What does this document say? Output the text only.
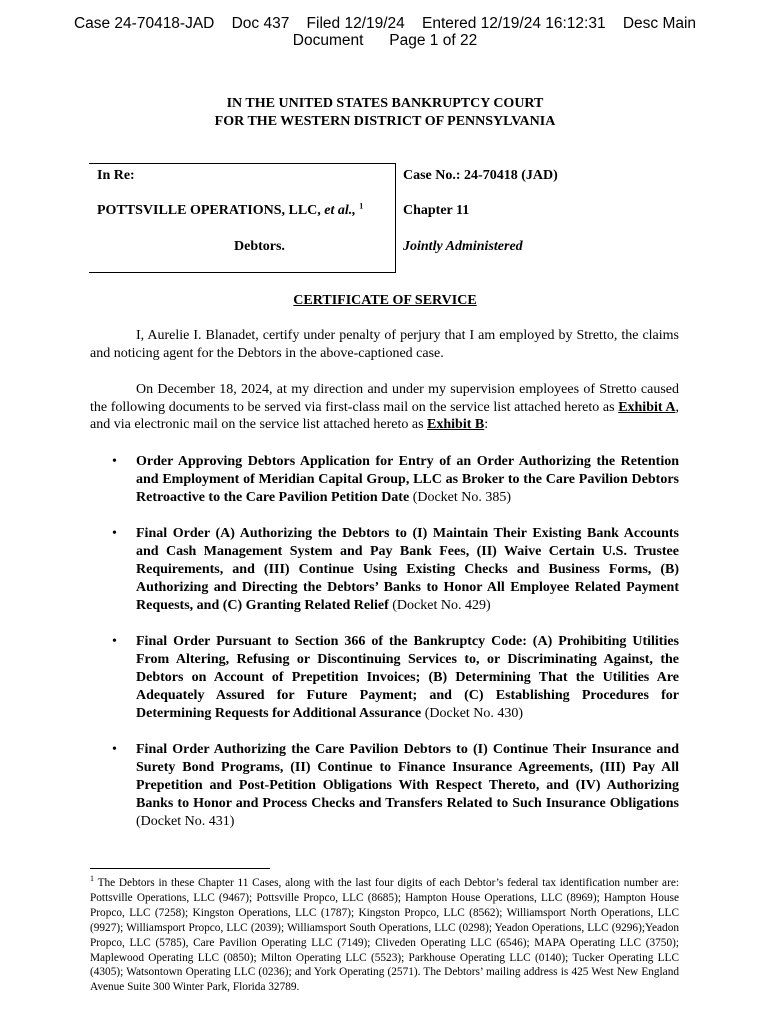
Case 24-70418-JAD    Doc 437    Filed 12/19/24    Entered 12/19/24 16:12:31    Desc Main
Document      Page 1 of 22
IN THE UNITED STATES BANKRUPTCY COURT
FOR THE WESTERN DISTRICT OF PENNSYLVANIA
In Re:
POTTSVILLE OPERATIONS, LLC, et al., $^1$
Debtors.
Case No.: 24-70418 (JAD)
Chapter 11
Jointly Administered
CERTIFICATE OF SERVICE
I, Aurelie I. Blanadet, certify under penalty of perjury that I am employed by Stretto, the claims and noticing agent for the Debtors in the above-captioned case.
On December 18, 2024, at my direction and under my supervision employees of Stretto caused the following documents to be served via first-class mail on the service list attached hereto as Exhibit A, and via electronic mail on the service list attached hereto as Exhibit B:
• Order Approving Debtors Application for Entry of an Order Authorizing the Retention and Employment of Meridian Capital Group, LLC as Broker to the Care Pavilion Debtors Retroactive to the Care Pavilion Petition Date (Docket No. 385)
• Final Order (A) Authorizing the Debtors to (I) Maintain Their Existing Bank Accounts and Cash Management System and Pay Bank Fees, (II) Waive Certain U.S. Trustee Requirements, and (III) Continue Using Existing Checks and Business Forms, (B) Authorizing and Directing the Debtors’ Banks to Honor All Employee Related Payment Requests, and (C) Granting Related Relief (Docket No. 429)
• Final Order Pursuant to Section 366 of the Bankruptcy Code: (A) Prohibiting Utilities From Altering, Refusing or Discontinuing Services to, or Discriminating Against, the Debtors on Account of Prepetition Invoices; (B) Determining That the Utilities Are Adequately Assured for Future Payment; and (C) Establishing Procedures for Determining Requests for Additional Assurance (Docket No. 430)
• Final Order Authorizing the Care Pavilion Debtors to (I) Continue Their Insurance and Surety Bond Programs, (II) Continue to Finance Insurance Agreements, (III) Pay All Prepetition and Post-Petition Obligations With Respect Thereto, and (IV) Authorizing Banks to Honor and Process Checks and Transfers Related to Such Insurance Obligations (Docket No. 431)
$^1$ The Debtors in these Chapter 11 Cases, along with the last four digits of each Debtor’s federal tax identification number are: Pottsville Operations, LLC (9467); Pottsville Propco, LLC (8685); Hampton House Operations, LLC (8969); Hampton House Propco, LLC (7258); Kingston Operations, LLC (1787); Kingston Propco, LLC (8562); Williamsport North Operations, LLC (9927); Williamsport Propco, LLC (2039); Williamsport South Operations, LLC (0298); Yeadon Operations, LLC (9296);Yeadon Propco, LLC (5785), Care Pavilion Operating LLC (7149); Cliveden Operating LLC (6546); MAPA Operating LLC (3750); Maplewood Operating LLC (0850); Milton Operating LLC (5523); Parkhouse Operating LLC (0140); Tucker Operating LLC (4305); Watsontown Operating LLC (0236); and York Operating (2571). The Debtors’ mailing address is 425 West New England Avenue Suite 300 Winter Park, Florida 32789.
